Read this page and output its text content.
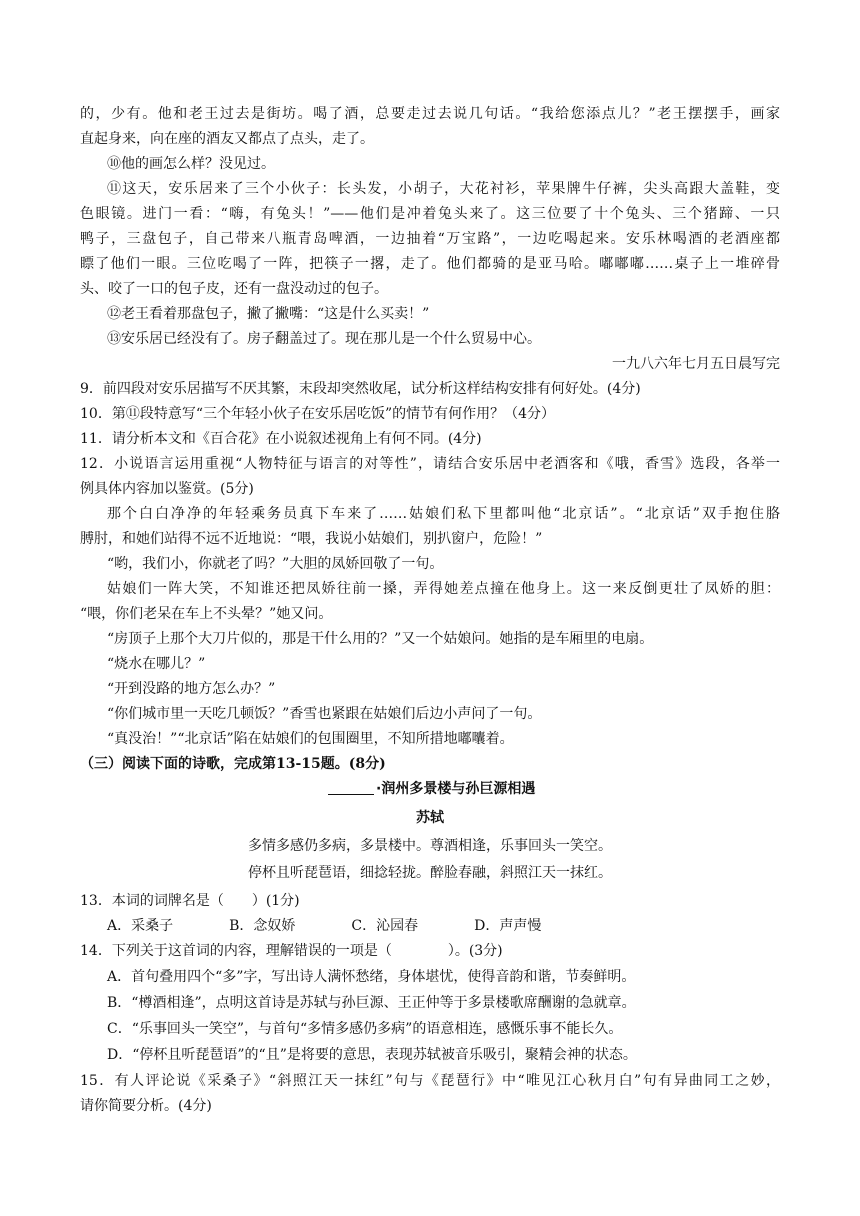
的，少有。他和老王过去是街坊。喝了酒，总要走过去说几句话。“我给您添点儿？”老王摆摆手，画家
直起身来，向在座的酒友又都点了点头，走了。
⑩他的画怎么样？没见过。
⑪这天，安乐居来了三个小伙子：长头发，小胡子，大花衬衫，苹果牌牛仔裤，尖头高跟大盖鞋，变
色眼镜。进门一看：“嗨，有兔头！”——他们是冲着兔头来了。这三位要了十个兔头、三个猪蹄、一只
鸭子，三盘包子，自己带来八瓶青岛啤酒，一边抽着“万宝路”，一边吃喝起来。安乐林喝酒的老酒座都
瞟了他们一眼。三位吃喝了一阵，把筷子一撂，走了。他们都骑的是亚马哈。嘟嘟嘟……桌子上一堆碎骨
头、咬了一口的包子皮，还有一盘没动过的包子。
⑫老王看着那盘包子，撇了撇嘴：“这是什么买卖！”
⑬安乐居已经没有了。房子翻盖过了。现在那儿是一个什么贸易中心。
一九八六年七月五日晨写完
9．前四段对安乐居描写不厌其繁，末段却突然收尾，试分析这样结构安排有何好处。(4分)
10．第⑪段特意写“三个年轻小伙子在安乐居吃饭”的情节有何作用？（4分）
11．请分析本文和《百合花》在小说叙述视角上有何不同。(4分)
12．小说语言运用重视“人物特征与语言的对等性”，请结合安乐居中老酒客和《哦，香雪》选段，各举一
例具体内容加以鉴赏。(5分)
那个白白净净的年轻乘务员真下车来了……姑娘们私下里都叫他“北京话”。“北京话”双手抱住胳
膊肘，和她们站得不远不近地说：“喂，我说小姑娘们，别扒窗户，危险！”
“哟，我们小，你就老了吗？”大胆的凤娇回敬了一句。
姑娘们一阵大笑，不知谁还把凤娇往前一搡，弄得她差点撞在他身上。这一来反倒更壮了凤娇的胆：
“喂，你们老呆在车上不头晕？”她又问。
“房顶子上那个大刀片似的，那是干什么用的？”又一个姑娘问。她指的是车厢里的电扇。
“烧水在哪儿？”
“开到没路的地方怎么办？”
“你们城市里一天吃几顿饭？”香雪也紧跟在姑娘们后边小声问了一句。
“真没治！”“北京话”陷在姑娘们的包围圈里，不知所措地嘟囔着。
（三）阅读下面的诗歌，完成第13-15题。(8分)
·润州多景楼与孙巨源相遇
苏轼
多情多感仍多病，多景楼中。尊酒相逢，乐事回头一笑空。
停杯且听琵琶语，细捻轻拢。醉脸春融，斜照江天一抹红。
13．本词的词牌名是（　　）(1分)
A．采桑子　　　　B．念奴娇　　　　C．沁园春　　　　D．声声慢
14．下列关于这首词的内容，理解错误的一项是（　　　　）。(3分)
A．首句叠用四个“多”字，写出诗人满怀愁绪，身体堪忧，使得音韵和谐，节奏鲜明。
B．“樽酒相逢”，点明这首诗是苏轼与孙巨源、王正仲等于多景楼歌席酬谢的急就章。
C．“乐事回头一笑空”，与首句“多情多感仍多病”的语意相连，感慨乐事不能长久。
D．“停杯且听琵琶语”的“且”是将要的意思，表现苏轼被音乐吸引，聚精会神的状态。
15．有人评论说《采桑子》“斜照江天一抹红”句与《琵琶行》中“唯见江心秋月白”句有异曲同工之妙，
请你简要分析。(4分)
